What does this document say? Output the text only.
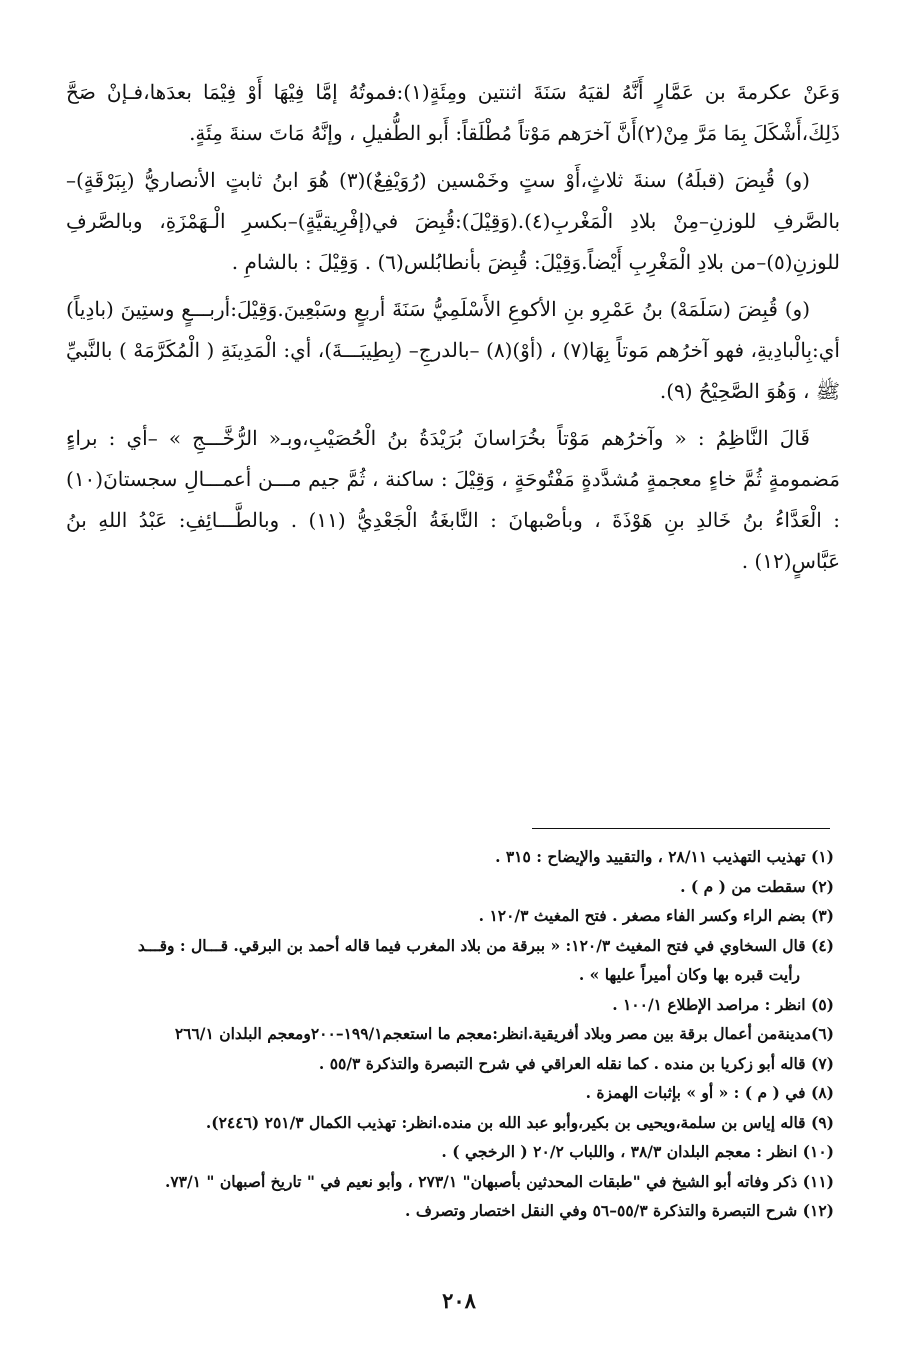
وَعَنْ عكرمةَ بن عَمَّارٍ أَنَّهُ لقيَهُ سَنَةَ اثنتين ومِئَةٍ(١):فموتُهُ إمَّا فِيْهَا أَوْ فِيْمَا بعدَها،فـإنْ صَحَّ ذَلِكَ،أَشْكَلَ بِمَا مَرَّ مِنْ(٢)أَنَّ آخرَهم مَوْتاً مُطْلَقاً: أَبو الطُّفيلِ ، وإنَّهُ مَاتَ سنةَ مِئَةٍ.

(و) قُبِضَ (قبلَهُ) سنةَ ثلاثٍ،أَوْ ستٍ وخَمْسين (رُوَيْفِعٌ)(٣) هُوَ ابنُ ثابتٍ الأنصاريُّ (بِبَرْقَةٍ)–بالصَّرفِ للوزنِ–مِنْ بلادِ الْمَغْربِ(٤).(وَقِيْلَ):قُبِضَ في(إفْرِيقيَّةٍ)–بكسرِ الْـهَمْزَةِ، وبالصَّرفِ للوزنِ(٥)–من بلادِ الْمَغْرِبِ أَيْضاً.وَقِيْلَ: قُبِضَ بأنطابُلس(٦) . وَقِيْلَ : بالشامِ .

(و) قُبِضَ (سَلَمَهْ) بنُ عَمْرِو بنِ الأكوعِ الأَسْلَمِيُّ سَنَةَ أربعٍ وسَبْعِينَ.وَقِيْلَ:أربـــعٍ وستِينَ (بادِياً) أي:بِالْبادِيةِ، فهو آخرُهم مَوتاً بِهَا(٧) ، (أوْ)(٨) –بالدرجِ– (بِطِيبَـــةَ)، أي: الْمَدِينَةِ ( الْمُكَرَّمَهْ ) بالنَّبيِّ ﷺ ، وَهُوَ الصَّحِيْحُ (٩).

قَالَ النَّاظِمُ : « وآخرُهم مَوْتاً بخُرَاسانَ بُرَيْدَةُ بنُ الْحُصَيْبِ،وبـ« الرُّخَّـــجِ » –أي : براءٍ مَضمومةٍ ثُمَّ خاءٍ معجمةٍ مُشدَّدةٍ مَفْتُوحَةٍ ، وَقِيْلَ : ساكنة ، ثُمَّ جيم مـــن أعمـــالِ سجستانَ(١٠) : الْعَدَّاءُ بنُ خَالدِ بنِ هَوْذَةَ ، وبأصْبهانَ : النَّابغَةُ الْجَعْدِيُّ (١١) . وبالطَّـــائِفِ: عَبْدُ اللهِ بنُ عَبَّاسٍ(١٢) .

(١) تهذيب التهذيب ٢٨/١١ ، والتقييد والإيضاح : ٣١٥ .

(٢) سقطت من ( م ) .

(٣) بضم الراء وكسر الفاء مصغر . فتح المغيث ١٢٠/٣ .

(٤) قال السخاوي في فتح المغيث ١٢٠/٣: « ببرقة من بلاد المغرب فيما قاله أحمد بن البرقي. قـــال : وقـــد

رأيت قبره بها وكان أميراً عليها » .

(٥) انظر : مراصد الإطلاع ١٠٠/١ .

(٦)مدينةمن أعمال برقة بين مصر وبلاد أفريقية.انظر:معجم ما استعجم١٩٩/١–٢٠٠ومعجم البلدان ٢٦٦/١

(٧) قاله أبو زكريا بن منده . كما نقله العراقي في شرح التبصرة والتذكرة ٥٥/٣ .

(٨) في ( م ) : « أو » بإثبات الهمزة .

(٩) قاله إياس بن سلمة،ويحيى بن بكير،وأبو عبد الله بن منده.انظر: تهذيب الكمال ٢٥١/٣ (٢٤٤٦).

(١٠) انظر : معجم البلدان ٣٨/٣ ، واللباب ٢٠/٢ ( الرخجي ) .

(١١) ذكر وفاته أبو الشيخ في "طبقات المحدثين بأصبهان" ٢٧٣/١ ، وأبو نعيم في " تاريخ أصبهان " ٧٣/١.

(١٢) شرح التبصرة والتذكرة ٥٥/٣–٥٦ وفي النقل اختصار وتصرف .

٢٠٨
